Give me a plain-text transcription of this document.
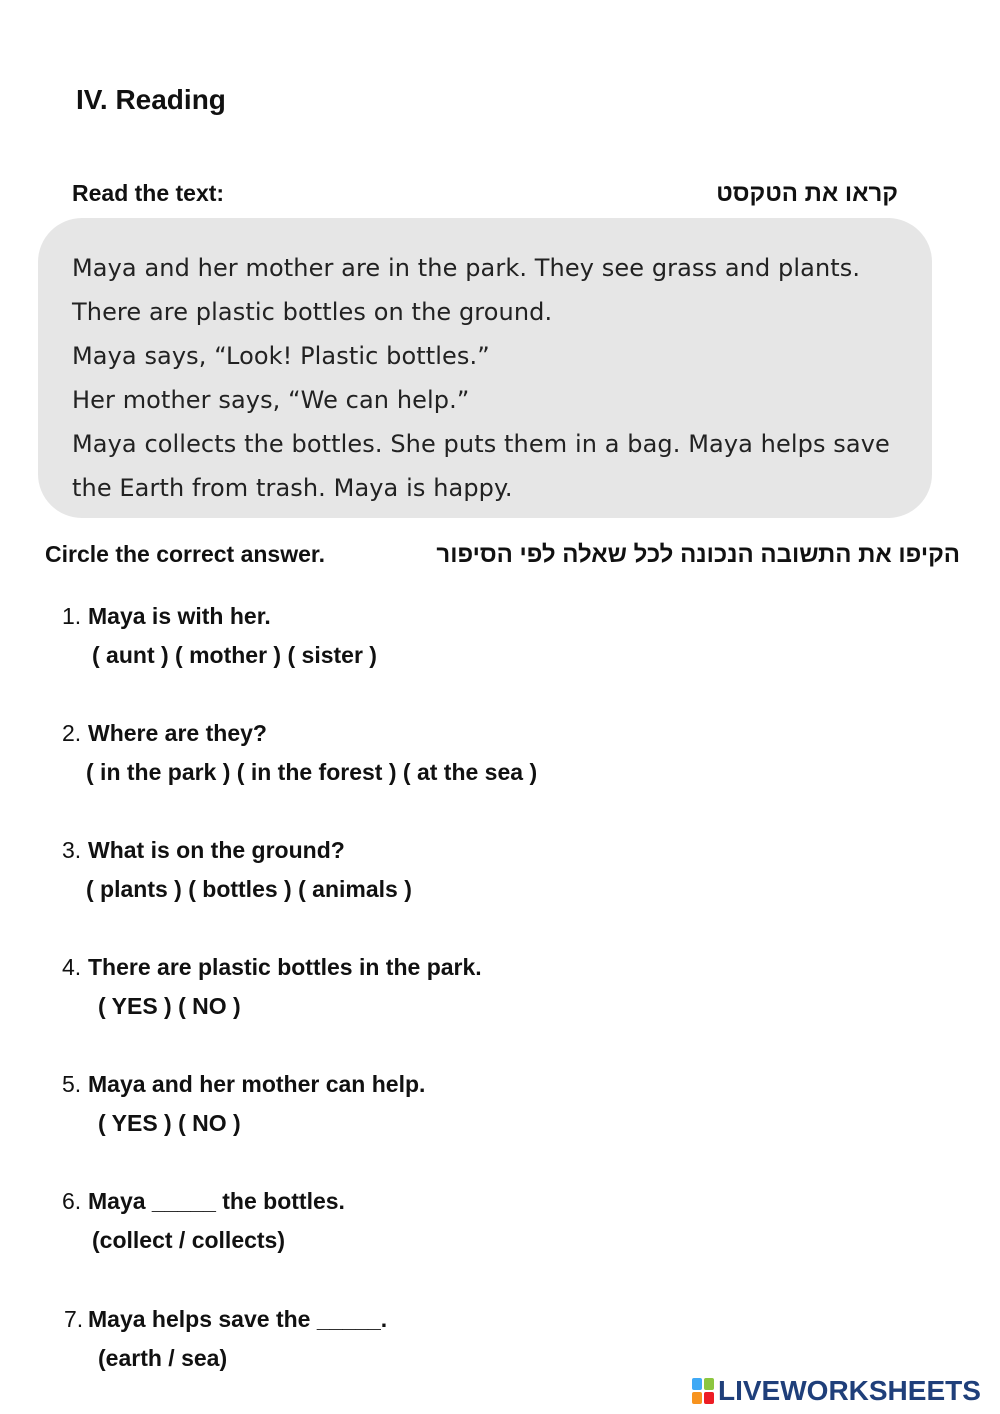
IV. Reading
Read the text:	קראו את הטקסט
Maya and her mother are in the park. They see grass and plants.
There are plastic bottles on the ground.
Maya says, “Look! Plastic bottles.”
Her mother says, “We can help.”
Maya collects the bottles. She puts them in a bag. Maya helps save
the Earth from trash. Maya is happy.
Circle the correct answer.	הקיפו את התשובה הנכונה לכל שאלה לפי הסיפור
1. Maya is with her.
( aunt ) ( mother ) ( sister )
2. Where are they?
( in the park ) ( in the forest ) ( at the sea )
3. What is on the ground?
( plants ) ( bottles ) ( animals )
4. There are plastic bottles in the park.
( YES ) ( NO )
5. Maya and her mother can help.
( YES ) ( NO )
6. Maya _____ the bottles.
(collect / collects)
7. Maya helps save the _____.
(earth / sea)
LIVEWORKSHEETS
